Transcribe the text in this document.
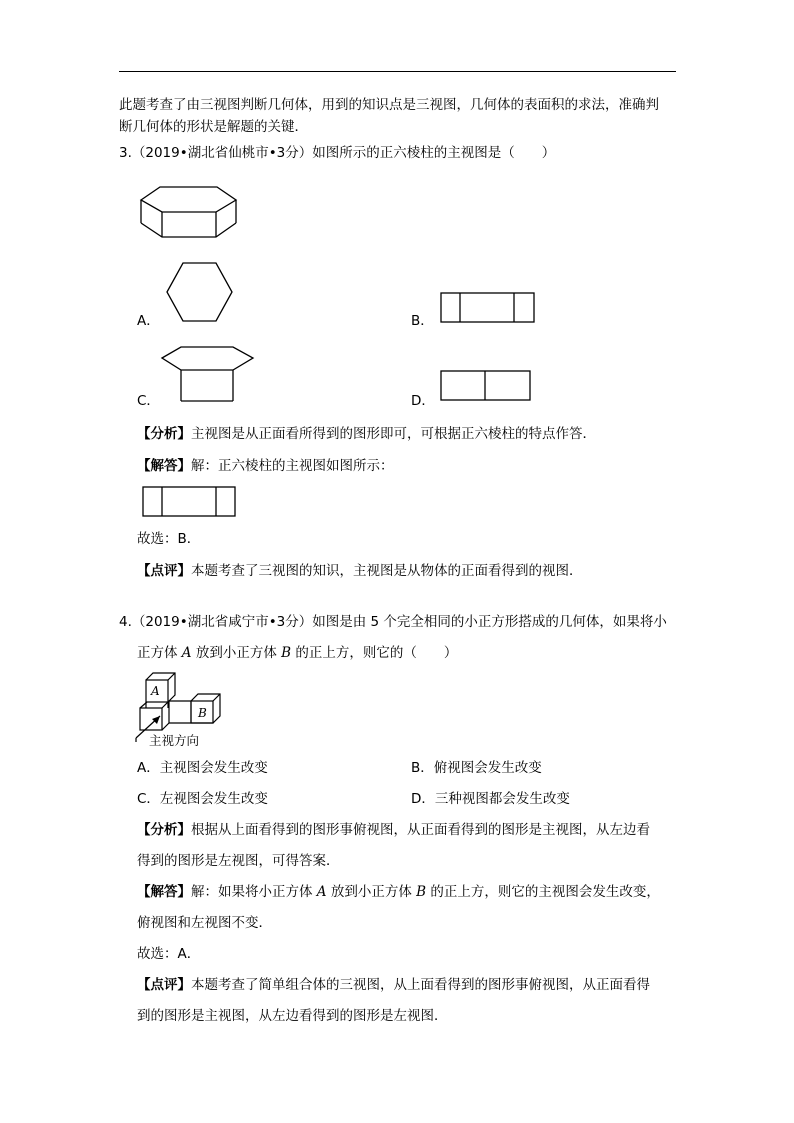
此题考查了由三视图判断几何体，用到的知识点是三视图，几何体的表面积的求法，准确判
断几何体的形状是解题的关键．
3.（2019•湖北省仙桃市•3分）如图所示的正六棱柱的主视图是（　　）
A．	B．
C．	D．
【分析】主视图是从正面看所得到的图形即可，可根据正六棱柱的特点作答．
【解答】解：正六棱柱的主视图如图所示：
故选：B．
【点评】本题考查了三视图的知识，主视图是从物体的正面看得到的视图．
4.（2019•湖北省咸宁市•3分）如图是由 5 个完全相同的小正方形搭成的几何体，如果将小
正方体 A 放到小正方体 B 的正上方，则它的（　　）
A
B
主视方向
A．主视图会发生改变	B．俯视图会发生改变
C．左视图会发生改变	D．三种视图都会发生改变
【分析】根据从上面看得到的图形事俯视图，从正面看得到的图形是主视图，从左边看
得到的图形是左视图，可得答案．
【解答】解：如果将小正方体 A 放到小正方体 B 的正上方，则它的主视图会发生改变，
俯视图和左视图不变．
故选：A．
【点评】本题考查了简单组合体的三视图，从上面看得到的图形事俯视图，从正面看得
到的图形是主视图，从左边看得到的图形是左视图．
